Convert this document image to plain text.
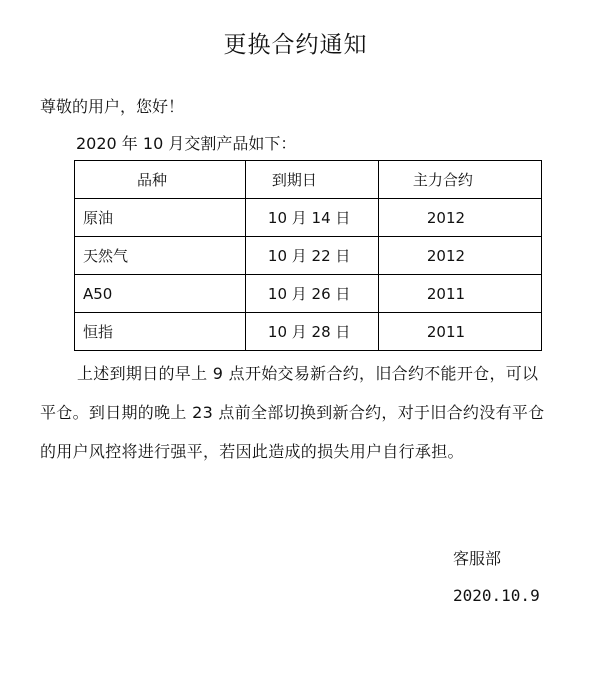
更换合约通知
尊敬的用户，您好！
2020 年 10 月交割产品如下：
品种	到期日	主力合约
原油	10 月 14 日	2012
天然气	10 月 22 日	2012
A50	10 月 26 日	2011
恒指	10 月 28 日	2011
上述到期日的早上 9 点开始交易新合约，旧合约不能开仓，可以平仓。到日期的晚上 23 点前全部切换到新合约，对于旧合约没有平仓的用户风控将进行强平，若因此造成的损失用户自行承担。
客服部
2020.10.9
